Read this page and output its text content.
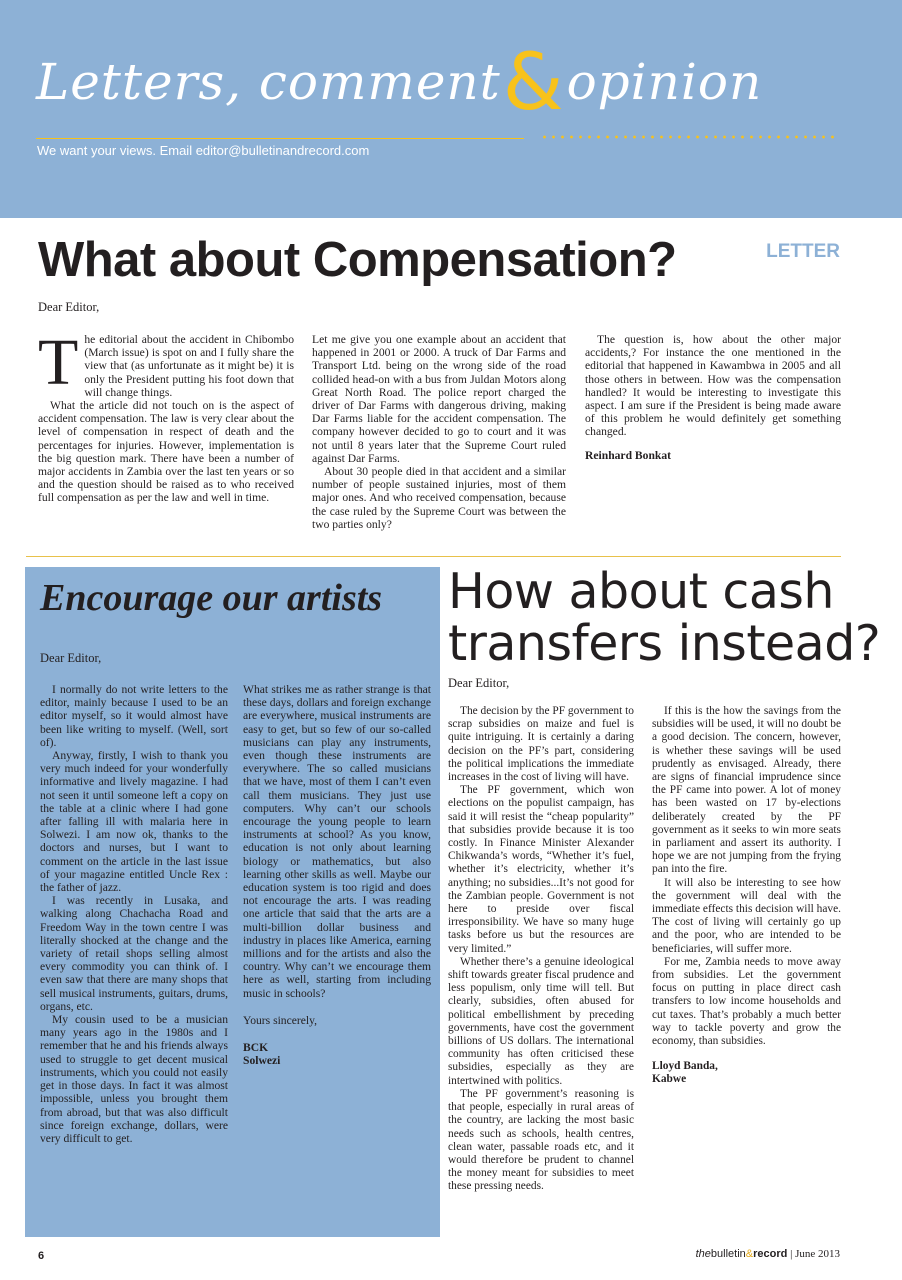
Letters, comment&opinion
We want your views. Email editor@bulletinandrecord.com
What about Compensation?	LETTER
Dear Editor,

The editorial about the accident in Chibombo (March issue) is spot on and I fully share the view that (as unfortunate as it might be) it is only the President putting his foot down that will change things.

What the article did not touch on is the aspect of accident compensation. The law is very clear about the level of compensation in respect of death and the percentages for injuries. However, implementation is the big question mark. There have been a number of major accidents in Zambia over the last ten years or so and the question should be raised as to who received full compensation as per the law and well in time.

Let me give you one example about an accident that happened in 2001 or 2000. A truck of Dar Farms and Transport Ltd. being on the wrong side of the road collided head-on with a bus from Juldan Motors along Great North Road. The police report charged the driver of Dar Farms with dangerous driving, making Dar Farms liable for the accident compensation. The company however decided to go to court and it was not until 8 years later that the Supreme Court ruled against Dar Farms.

About 30 people died in that accident and a similar number of people sustained injuries, most of them major ones. And who received compensation, because the case ruled by the Supreme Court was between the two parties only?

The question is, how about the other major accidents,? For instance the one mentioned in the editorial that happened in Kawambwa in 2005 and all those others in between. How was the compensation handled? It would be interesting to investigate this aspect. I am sure if the President is being made aware of this problem he would definitely get something changed.

Reinhard Bonkat

Encourage our artists
Dear Editor,

I normally do not write letters to the editor, mainly because I used to be an editor myself, so it would almost have been like writing to myself. (Well, sort of).

Anyway, firstly, I wish to thank you very much indeed for your wonderfully informative and lively magazine. I had not seen it until someone left a copy on the table at a clinic where I had gone after falling ill with malaria here in Solwezi. I am now ok, thanks to the doctors and nurses, but I want to comment on the article in the last issue of your magazine entitled Uncle Rex : the father of jazz.

I was recently in Lusaka, and walking along Chachacha Road and Freedom Way in the town centre I was literally shocked at the change and the variety of retail shops selling almost every commodity you can think of. I even saw that there are many shops that sell musical instruments, guitars, drums, organs, etc.

My cousin used to be a musician many years ago in the 1980s and I remember that he and his friends always used to struggle to get decent musical instruments, which you could not easily get in those days. In fact it was almost impossible, unless you brought them from abroad, but that was also difficult since foreign exchange, dollars, were very difficult to get.

What strikes me as rather strange is that these days, dollars and foreign exchange are everywhere, musical instruments are easy to get, but so few of our so-called musicians can play any instruments, even though these instruments are everywhere. The so called musicians that we have, most of them I can’t even call them musicians. They just use computers. Why can’t our schools encourage the young people to learn instruments at school? As you know, education is not only about learning biology or mathematics, but also learning other skills as well. Maybe our education system is too rigid and does not encourage the arts. I was reading one article that said that the arts are a multi-billion dollar business and industry in places like America, earning millions and for the artists and also the country. Why can’t we encourage them here as well, starting from including music in schools?

Yours sincerely,

BCK

Solwezi

How about cash
transfers instead?
Dear Editor,

The decision by the PF government to scrap subsidies on maize and fuel is quite intriguing. It is certainly a daring decision on the PF’s part, considering the political implications the immediate increases in the cost of living will have.

The PF government, which won elections on the populist campaign, has said it will resist the “cheap popularity” that subsidies provide because it is too costly. In Finance Minister Alexander Chikwanda’s words, “Whether it’s fuel, whether it’s electricity, whether it’s anything; no subsidies...It’s not good for the Zambian people. Government is not here to preside over fiscal irresponsibility. We have so many huge tasks before us but the resources are very limited.”

Whether there’s a genuine ideological shift towards greater fiscal prudence and less populism, only time will tell. But clearly, subsidies, often abused for political embellishment by preceding governments, have cost the government billions of US dollars. The international community has often criticised these subsidies, especially as they are intertwined with politics.

The PF government’s reasoning is that people, especially in rural areas of the country, are lacking the most basic needs such as schools, health centres, clean water, passable roads etc, and it would therefore be prudent to channel the money meant for subsidies to meet these pressing needs.

If this is the how the savings from the subsidies will be used, it will no doubt be a good decision. The concern, however, is whether these savings will be used prudently as envisaged. Already, there are signs of financial imprudence since the PF came into power. A lot of money has been wasted on 17 by-elections deliberately created by the PF government as it seeks to win more seats in parliament and assert its authority. I hope we are not jumping from the frying pan into the fire.

It will also be interesting to see how the government will deal with the immediate effects this decision will have. The cost of living will certainly go up and the poor, who are intended to be beneficiaries, will suffer more.

For me, Zambia needs to move away from subsidies. Let the government focus on putting in place direct cash transfers to low income households and cut taxes. That’s probably a much better way to tackle poverty and grow the economy, than subsidies.

Lloyd Banda,

Kabwe

6	thebulletin&record | June 2013
